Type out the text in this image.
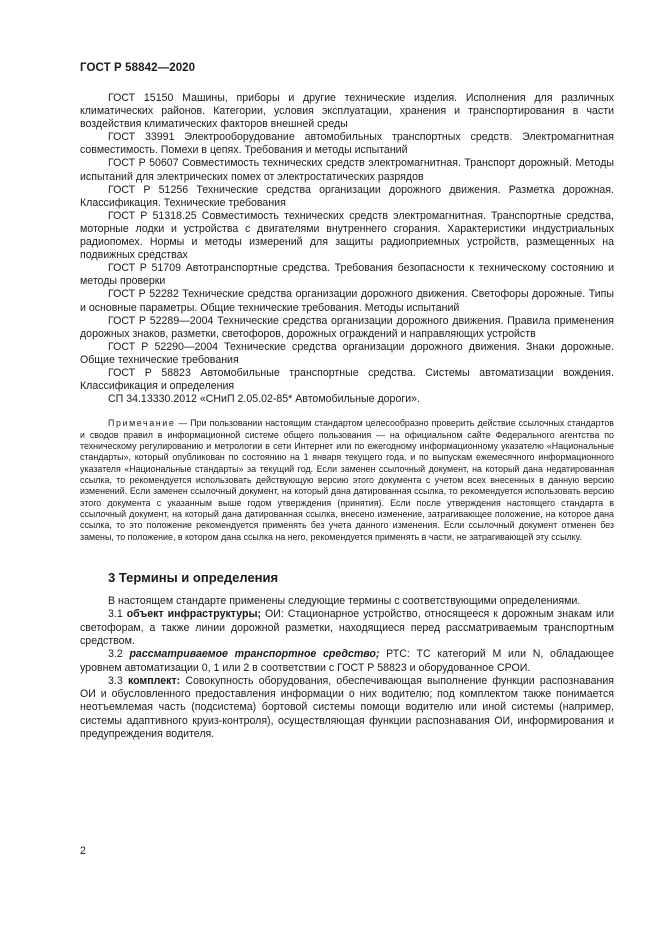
ГОСТ Р 58842—2020

ГОСТ 15150 Машины, приборы и другие технические изделия. Исполнения для различных климатических районов. Категории, условия эксплуатации, хранения и транспортирования в части воздействия климатических факторов внешней среды

ГОСТ 33991 Электрооборудование автомобильных транспортных средств. Электромагнитная совместимость. Помехи в цепях. Требования и методы испытаний

ГОСТ Р 50607 Совместимость технических средств электромагнитная. Транспорт дорожный. Методы испытаний для электрических помех от электростатических разрядов

ГОСТ Р 51256 Технические средства организации дорожного движения. Разметка дорожная. Классификация. Технические требования

ГОСТ Р 51318.25 Совместимость технических средств электромагнитная. Транспортные средства, моторные лодки и устройства с двигателями внутреннего сгорания. Характеристики индустриальных радиопомех. Нормы и методы измерений для защиты радиоприемных устройств, размещенных на подвижных средствах

ГОСТ Р 51709 Автотранспортные средства. Требования безопасности к техническому состоянию и методы проверки

ГОСТ Р 52282 Технические средства организации дорожного движения. Светофоры дорожные. Типы и основные параметры. Общие технические требования. Методы испытаний

ГОСТ Р 52289—2004 Технические средства организации дорожного движения. Правила применения дорожных знаков, разметки, светофоров, дорожных ограждений и направляющих устройств

ГОСТ Р 52290—2004 Технические средства организации дорожного движения. Знаки дорожные. Общие технические требования

ГОСТ Р 58823 Автомобильные транспортные средства. Системы автоматизации вождения. Классификация и определения

СП 34.13330.2012 «СНиП 2.05.02-85* Автомобильные дороги».

Примечание — При пользовании настоящим стандартом целесообразно проверить действие ссылочных стандартов и сводов правил в информационной системе общего пользования — на официальном сайте Федерального агентства по техническому регулированию и метрологии в сети Интернет или по ежегодному информационному указателю «Национальные стандарты», который опубликован по состоянию на 1 января текущего года, и по выпускам ежемесячного информационного указателя «Национальные стандарты» за текущий год. Если заменен ссылочный документ, на который дана недатированная ссылка, то рекомендуется использовать действующую версию этого документа с учетом всех внесенных в данную версию изменений. Если заменен ссылочный документ, на который дана датированная ссылка, то рекомендуется использовать версию этого документа с указанным выше годом утверждения (принятия). Если после утверждения настоящего стандарта в ссылочный документ, на который дана датированная ссылка, внесено изменение, затрагивающее положение, на которое дана ссылка, то это положение рекомендуется применять без учета данного изменения. Если ссылочный документ отменен без замены, то положение, в котором дана ссылка на него, рекомендуется применять в части, не затрагивающей эту ссылку.

3 Термины и определения

В настоящем стандарте применены следующие термины с соответствующими определениями.

3.1 объект инфраструктуры; ОИ: Стационарное устройство, относящееся к дорожным знакам или светофорам, а также линии дорожной разметки, находящиеся перед рассматриваемым транспортным средством.

3.2 рассматриваемое транспортное средство; РТС: ТС категорий M или N, обладающее уровнем автоматизации 0, 1 или 2 в соответствии с ГОСТ Р 58823 и оборудованное СРОИ.

3.3 комплект: Совокупность оборудования, обеспечивающая выполнение функции распознавания ОИ и обусловленного предоставления информации о них водителю; под комплектом также понимается неотъемлемая часть (подсистема) бортовой системы помощи водителю или иной системы (например, системы адаптивного круиз-контроля), осуществляющая функции распознавания ОИ, информирования и предупреждения водителя.

2
